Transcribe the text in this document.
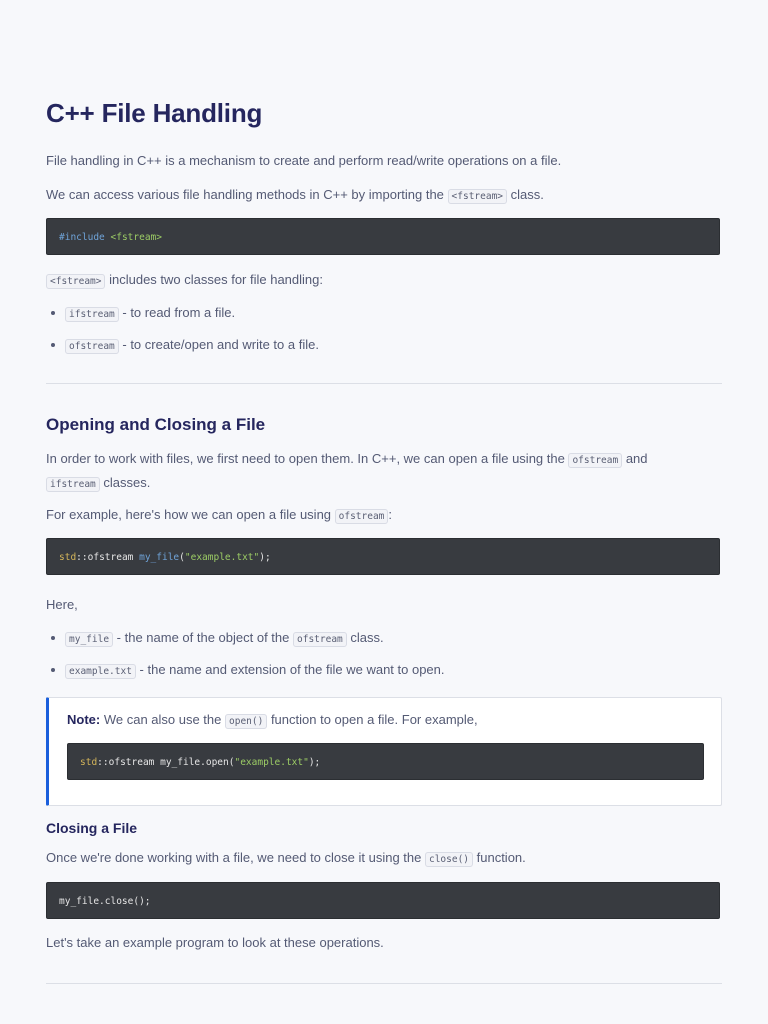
C++ File Handling

File handling in C++ is a mechanism to create and perform read/write operations on a file.

We can access various file handling methods in C++ by importing the <fstream> class.

#include <fstream>

<fstream> includes two classes for file handling:

ifstream - to read from a file.
ofstream - to create/open and write to a file.
Opening and Closing a File

In order to work with files, we first need to open them. In C++, we can open a file using the ofstream and
ifstream classes.

For example, here's how we can open a file using ofstream :

std::ofstream my_file("example.txt");

Here,

my_file - the name of the object of the ofstream class.
example.txt - the name and extension of the file we want to open.

Note: We can also use the open() function to open a file. For example,

std::ofstream my_file.open("example.txt");
Closing a File

Once we're done working with a file, we need to close it using the close() function.

my_file.close();

Let's take an example program to look at these operations.
